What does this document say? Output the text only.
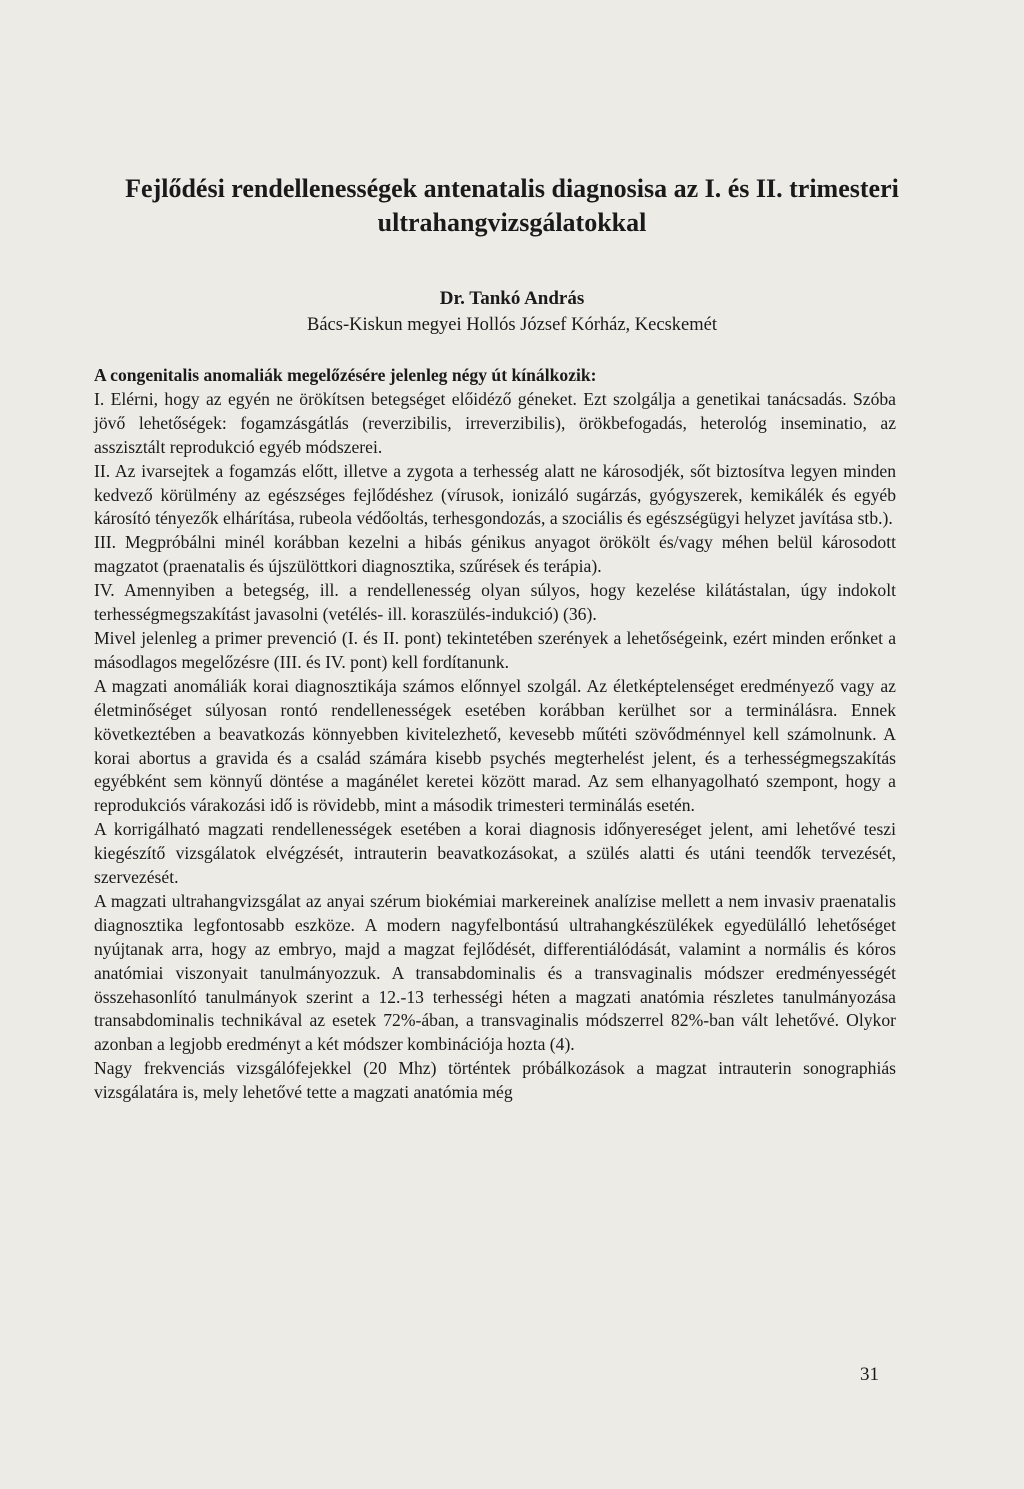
Fejlődési rendellenességek antenatalis diagnosisa az I. és II. trimesteri ultrahangvizsgálatokkal
Dr. Tankó András
Bács-Kiskun megyei Hollós József Kórház, Kecskemét

A congenitalis anomaliák megelőzésére jelenleg négy út kínálkozik:

I. Elérni, hogy az egyén ne örökítsen betegséget előidéző géneket. Ezt szolgálja a genetikai tanácsadás. Szóba jövő lehetőségek: fogamzásgátlás (reverzibilis, irreverzibilis), örökbefogadás, heterológ inseminatio, az asszisztált reprodukció egyéb módszerei.

II. Az ivarsejtek a fogamzás előtt, illetve a zygota a terhesség alatt ne károsodjék, sőt biztosítva legyen minden kedvező körülmény az egészséges fejlődéshez (vírusok, ionizáló sugárzás, gyógyszerek, kemikálék és egyéb károsító tényezők elhárítása, rubeola védőoltás, terhesgondozás, a szociális és egészségügyi helyzet javítása stb.).

III. Megpróbálni minél korábban kezelni a hibás génikus anyagot örökölt és/vagy méhen belül károsodott magzatot (praenatalis és újszülöttkori diagnosztika, szűrések és terápia).

IV. Amennyiben a betegség, ill. a rendellenesség olyan súlyos, hogy kezelése kilátástalan, úgy indokolt terhességmegszakítást javasolni (vetélés- ill. koraszülés-indukció) (36).

Mivel jelenleg a primer prevenció (I. és II. pont) tekintetében szerények a lehetőségeink, ezért minden erőnket a másodlagos megelőzésre (III. és IV. pont) kell fordítanunk.

A magzati anomáliák korai diagnosztikája számos előnnyel szolgál. Az életképtelenséget eredményező vagy az életminőséget súlyosan rontó rendellenességek esetében korábban kerülhet sor a terminálásra. Ennek következtében a beavatkozás könnyebben kivitelezhető, kevesebb műtéti szövődménnyel kell számolnunk. A korai abortus a gravida és a család számára kisebb psychés megterhelést jelent, és a terhességmegszakítás egyébként sem könnyű döntése a magánélet keretei között marad. Az sem elhanyagolható szempont, hogy a reprodukciós várakozási idő is rövidebb, mint a második trimesteri terminálás esetén.

A korrigálható magzati rendellenességek esetében a korai diagnosis időnyereséget jelent, ami lehetővé teszi kiegészítő vizsgálatok elvégzését, intrauterin beavatkozásokat, a szülés alatti és utáni teendők tervezését, szervezését.

A magzati ultrahangvizsgálat az anyai szérum biokémiai markereinek analízise mellett a nem invasiv praenatalis diagnosztika legfontosabb eszköze. A modern nagyfelbontású ultrahangkészülékek egyedülálló lehetőséget nyújtanak arra, hogy az embryo, majd a magzat fejlődését, differentiálódását, valamint a normális és kóros anatómiai viszonyait tanulmányozzuk. A transabdominalis és a transvaginalis módszer eredményességét összehasonlító tanulmányok szerint a 12.-13 terhességi héten a magzati anatómia részletes tanulmányozása transabdominalis technikával az esetek 72%-ában, a transvaginalis módszerrel 82%-ban vált lehetővé. Olykor azonban a legjobb eredményt a két módszer kombinációja hozta (4).

Nagy frekvenciás vizsgálófejekkel (20 Mhz) történtek próbálkozások a magzat intrauterin sonographiás vizsgálatára is, mely lehetővé tette a magzati anatómia még

31
